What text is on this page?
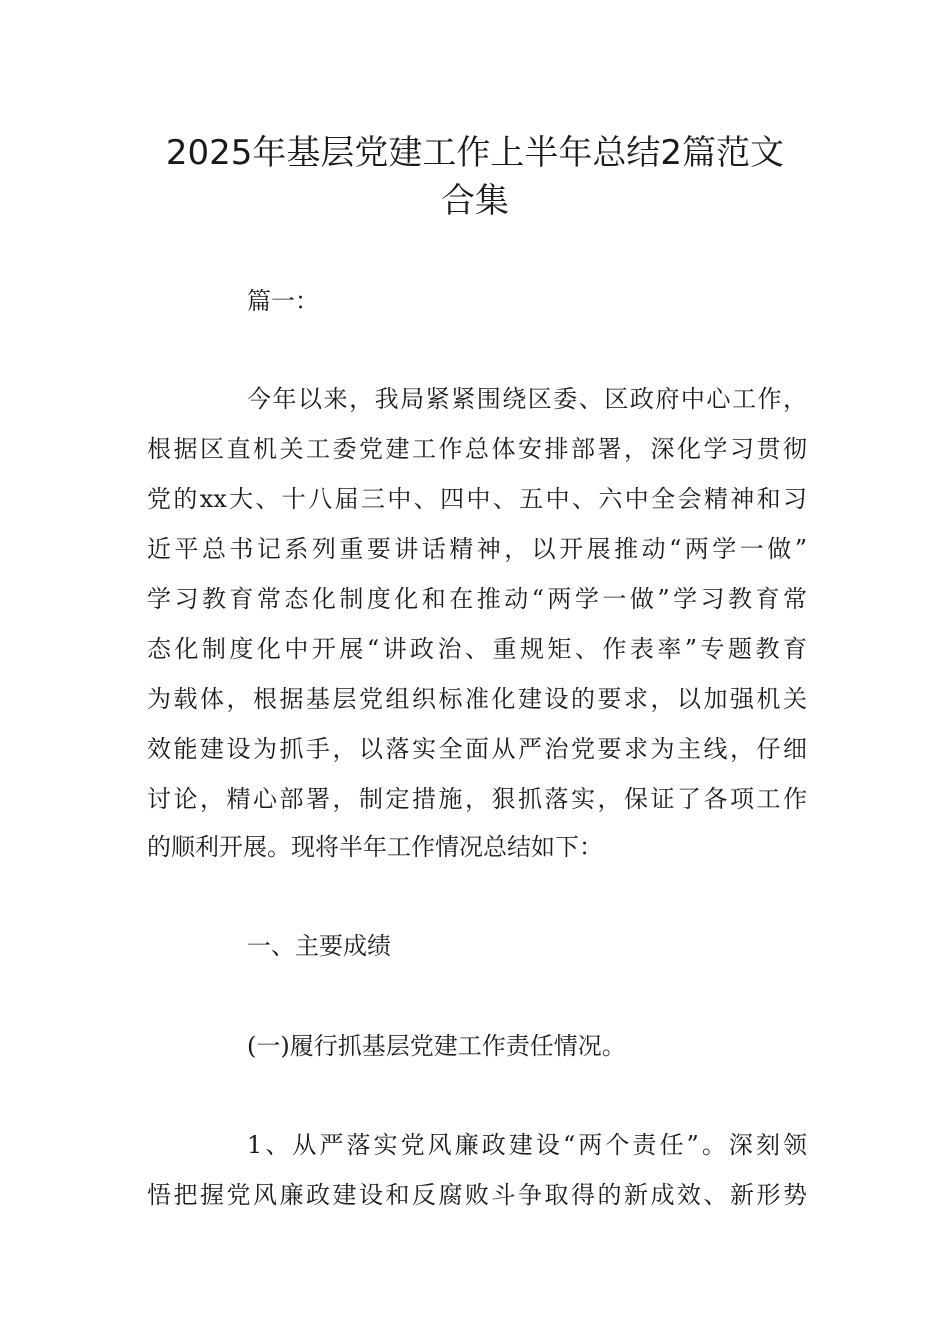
2025年基层党建工作上半年总结2篇范文
合集
篇一：
今年以来，我局紧紧围绕区委、区政府中心工作，
根据区直机关工委党建工作总体安排部署，深化学习贯彻
党的xx大、十八届三中、四中、五中、六中全会精神和习
近平总书记系列重要讲话精神，以开展推动“两学一做”
学习教育常态化制度化和在推动“两学一做”学习教育常
态化制度化中开展“讲政治、重规矩、作表率”专题教育
为载体，根据基层党组织标准化建设的要求，以加强机关
效能建设为抓手，以落实全面从严治党要求为主线，仔细
讨论，精心部署，制定措施，狠抓落实，保证了各项工作
的顺利开展。现将半年工作情况总结如下：
一、主要成绩
(一)履行抓基层党建工作责任情况。
1、从严落实党风廉政建设“两个责任”。深刻领
悟把握党风廉政建设和反腐败斗争取得的新成效、新形势
